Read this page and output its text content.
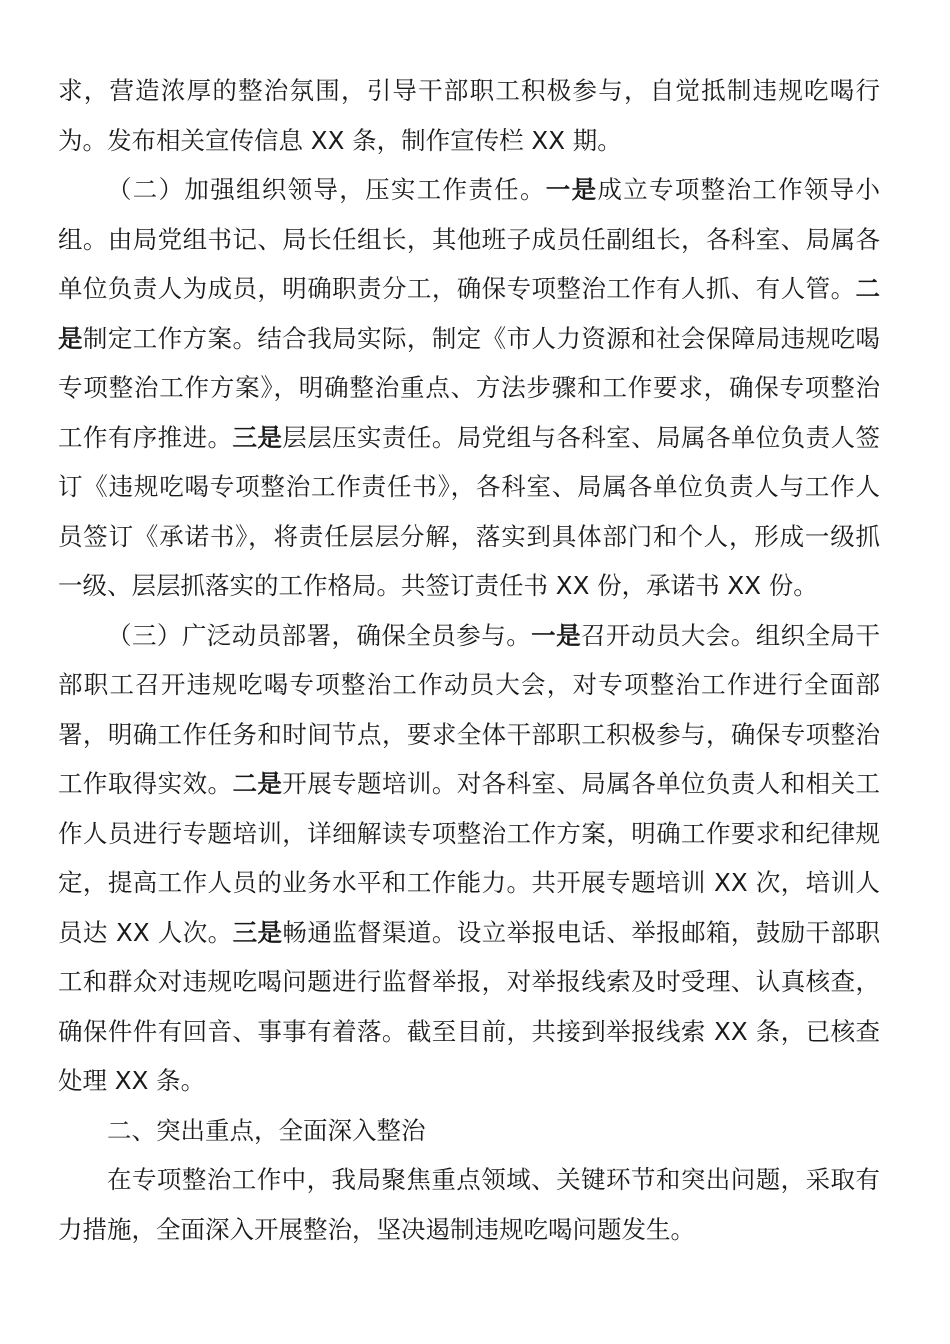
求，营造浓厚的整治氛围，引导干部职工积极参与，自觉抵制违规吃喝行
为。发布相关宣传信息 XX 条，制作宣传栏 XX 期。
（二）加强组织领导，压实工作责任。一是成立专项整治工作领导小
组。由局党组书记、局长任组长，其他班子成员任副组长，各科室、局属各
单位负责人为成员，明确职责分工，确保专项整治工作有人抓、有人管。二
是制定工作方案。结合我局实际，制定《市人力资源和社会保障局违规吃喝
专项整治工作方案》，明确整治重点、方法步骤和工作要求，确保专项整治
工作有序推进。三是层层压实责任。局党组与各科室、局属各单位负责人签
订《违规吃喝专项整治工作责任书》，各科室、局属各单位负责人与工作人
员签订《承诺书》，将责任层层分解，落实到具体部门和个人，形成一级抓
一级、层层抓落实的工作格局。共签订责任书 XX 份，承诺书 XX 份。
（三）广泛动员部署，确保全员参与。一是召开动员大会。组织全局干
部职工召开违规吃喝专项整治工作动员大会，对专项整治工作进行全面部
署，明确工作任务和时间节点，要求全体干部职工积极参与，确保专项整治
工作取得实效。二是开展专题培训。对各科室、局属各单位负责人和相关工
作人员进行专题培训，详细解读专项整治工作方案，明确工作要求和纪律规
定，提高工作人员的业务水平和工作能力。共开展专题培训 XX 次，培训人
员达 XX 人次。三是畅通监督渠道。设立举报电话、举报邮箱，鼓励干部职
工和群众对违规吃喝问题进行监督举报，对举报线索及时受理、认真核查，
确保件件有回音、事事有着落。截至目前，共接到举报线索 XX 条，已核查
处理 XX 条。
二、突出重点，全面深入整治
在专项整治工作中，我局聚焦重点领域、关键环节和突出问题，采取有
力措施，全面深入开展整治，坚决遏制违规吃喝问题发生。
